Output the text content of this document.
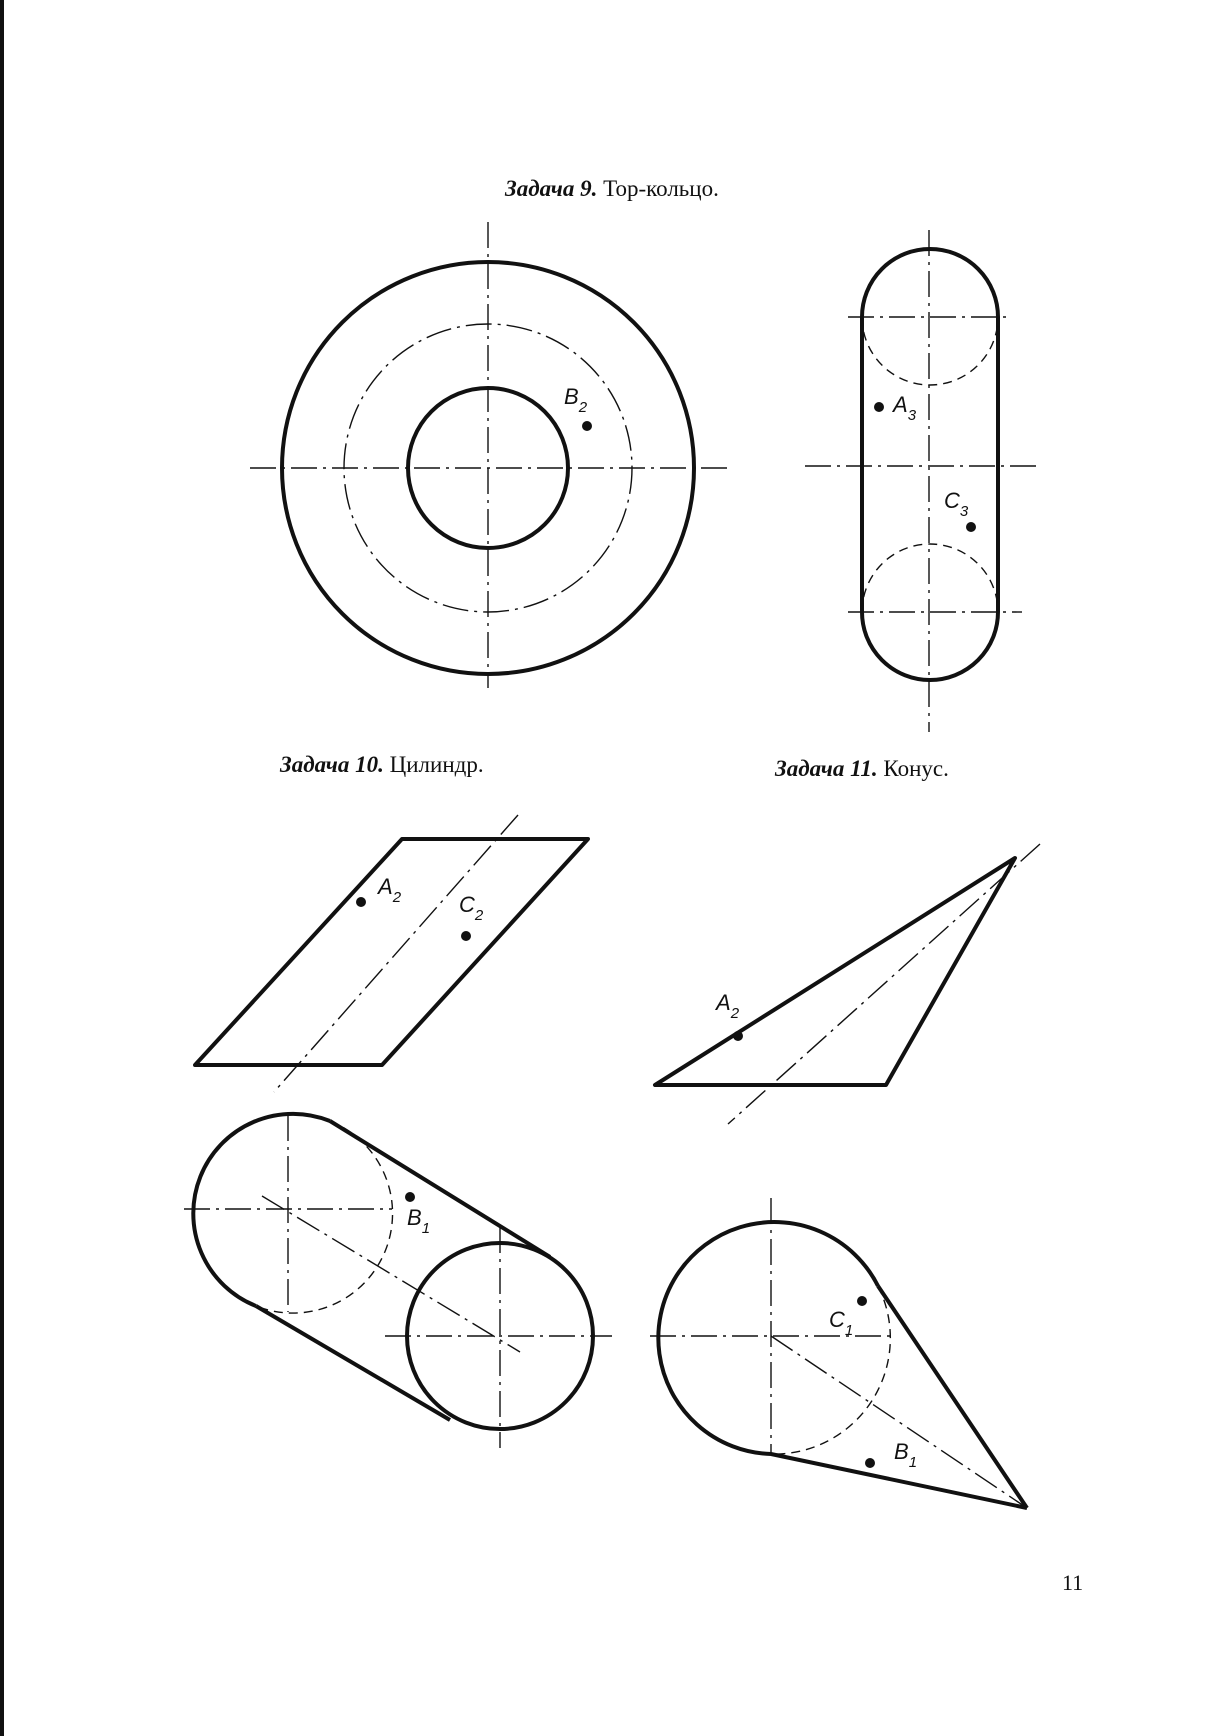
Задача 9. Тор-кольцо.
Задача 10. Цилиндр.	Задача 11. Конус.
$B_2$	$A_3$
$C_3$
$A_2$	$C_2$
$B_1$
$A_2$
$C_1$
$B_1$
11
